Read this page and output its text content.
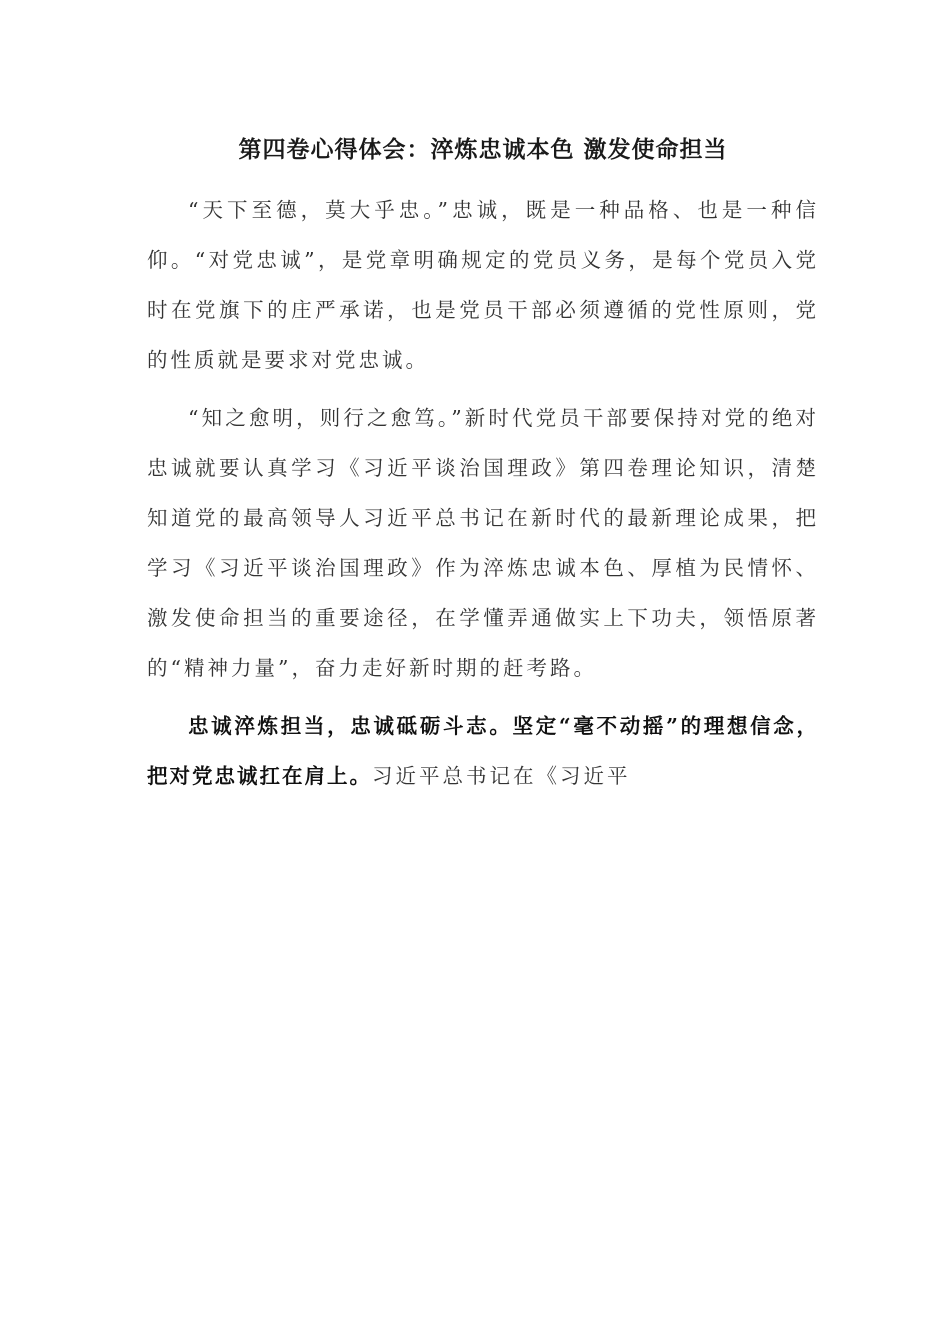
第四卷心得体会：淬炼忠诚本色 激发使命担当

“天下至德，莫大乎忠。”忠诚，既是一种品格、也是一种信仰。“对党忠诚”，是党章明确规定的党员义务，是每个党员入党时在党旗下的庄严承诺，也是党员干部必须遵循的党性原则，党的性质就是要求对党忠诚。

“知之愈明，则行之愈笃。”新时代党员干部要保持对党的绝对忠诚就要认真学习《习近平谈治国理政》第四卷理论知识，清楚知道党的最高领导人习近平总书记在新时代的最新理论成果，把学习《习近平谈治国理政》作为淬炼忠诚本色、厚植为民情怀、激发使命担当的重要途径，在学懂弄通做实上下功夫，领悟原著的“精神力量”，奋力走好新时期的赶考路。

忠诚淬炼担当，忠诚砥砺斗志。坚定“毫不动摇”的理想信念，把对党忠诚扛在肩上。习近平总书记在《习近平
